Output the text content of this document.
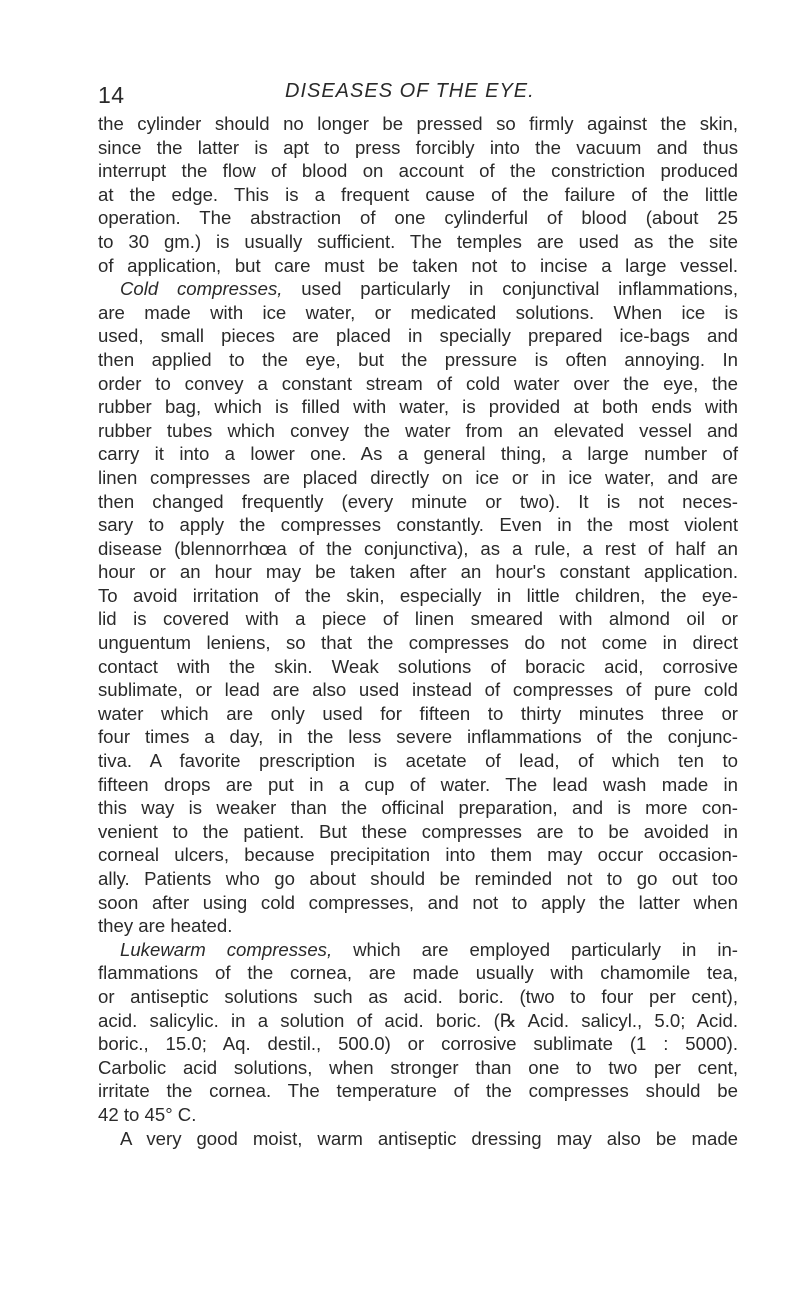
14	DISEASES OF THE EYE.
the cylinder should no longer be pressed so firmly against the skin,
since the latter is apt to press forcibly into the vacuum and thus
interrupt the flow of blood on account of the constriction produced
at the edge. This is a frequent cause of the failure of the little
operation. The abstraction of one cylinderful of blood (about 25
to 30 gm.) is usually sufficient. The temples are used as the site
of application, but care must be taken not to incise a large vessel.
Cold compresses, used particularly in conjunctival inflammations,
are made with ice water, or medicated solutions. When ice is
used, small pieces are placed in specially prepared ice-bags and
then applied to the eye, but the pressure is often annoying. In
order to convey a constant stream of cold water over the eye, the
rubber bag, which is filled with water, is provided at both ends with
rubber tubes which convey the water from an elevated vessel and
carry it into a lower one. As a general thing, a large number of
linen compresses are placed directly on ice or in ice water, and are
then changed frequently (every minute or two). It is not neces-
sary to apply the compresses constantly. Even in the most violent
disease (blennorrhœa of the conjunctiva), as a rule, a rest of half an
hour or an hour may be taken after an hour's constant application.
To avoid irritation of the skin, especially in little children, the eye-
lid is covered with a piece of linen smeared with almond oil or
unguentum leniens, so that the compresses do not come in direct
contact with the skin. Weak solutions of boracic acid, corrosive
sublimate, or lead are also used instead of compresses of pure cold
water which are only used for fifteen to thirty minutes three or
four times a day, in the less severe inflammations of the conjunc-
tiva. A favorite prescription is acetate of lead, of which ten to
fifteen drops are put in a cup of water. The lead wash made in
this way is weaker than the officinal preparation, and is more con-
venient to the patient. But these compresses are to be avoided in
corneal ulcers, because precipitation into them may occur occasion-
ally. Patients who go about should be reminded not to go out too
soon after using cold compresses, and not to apply the latter when
they are heated.
Lukewarm compresses, which are employed particularly in in-
flammations of the cornea, are made usually with chamomile tea,
or antiseptic solutions such as acid. boric. (two to four per cent),
acid. salicylic. in a solution of acid. boric. (℞ Acid. salicyl., 5.0; Acid.
boric., 15.0; Aq. destil., 500.0) or corrosive sublimate (1 : 5000).
Carbolic acid solutions, when stronger than one to two per cent,
irritate the cornea. The temperature of the compresses should be
42 to 45° C.
A very good moist, warm antiseptic dressing may also be made
